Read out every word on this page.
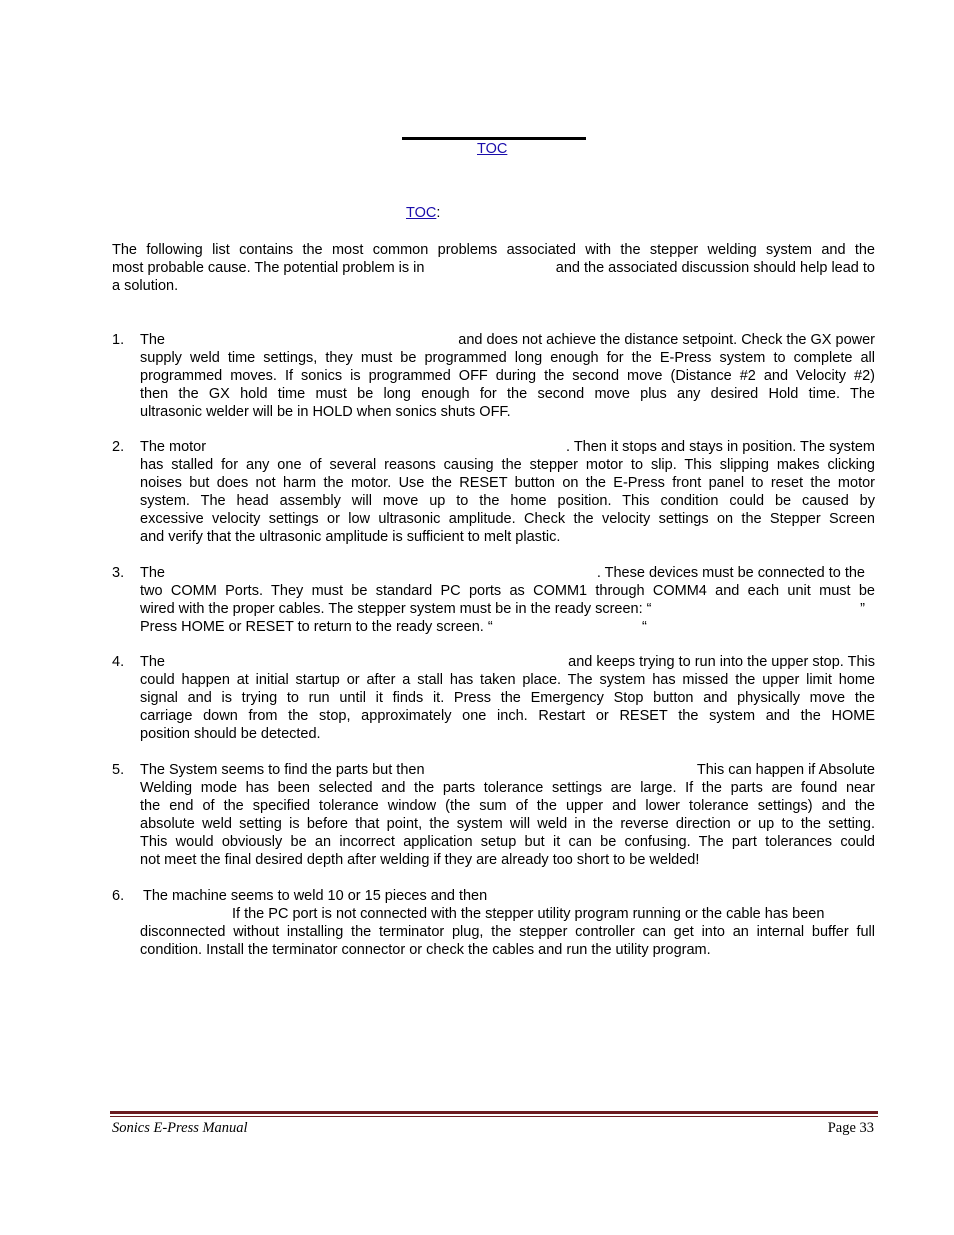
TOC
TOC:
The following list contains the most common problems associated with the stepper welding system and the
most probable cause. The potential problem is in	and the associated discussion should help lead to
a solution.
1. The	and does not achieve the distance setpoint. Check the GX power
supply weld time settings, they must be programmed long enough for the E-Press system to complete all
programmed moves. If sonics is programmed OFF during the second move (Distance #2 and Velocity #2)
then the GX hold time must be long enough for the second move plus any desired Hold time. The
ultrasonic welder will be in HOLD when sonics shuts OFF.
2. The motor	. Then it stops and stays in position. The system
has stalled for any one of several reasons causing the stepper motor to slip. This slipping makes clicking
noises but does not harm the motor. Use the RESET button on the E-Press front panel to reset the motor
system. The head assembly will move up to the home position. This condition could be caused by
excessive velocity settings or low ultrasonic amplitude. Check the velocity settings on the Stepper Screen
and verify that the ultrasonic amplitude is sufficient to melt plastic.
3. The	. These devices must be connected to the
two COMM Ports. They must be standard PC ports as COMM1 through COMM4 and each unit must be
wired with the proper cables. The stepper system must be in the ready screen: “	”
Press HOME or RESET to return to the ready screen. “	“
4. The	and keeps trying to run into the upper stop. This
could happen at initial startup or after a stall has taken place. The system has missed the upper limit home
signal and is trying to run until it finds it. Press the Emergency Stop button and physically move the
carriage down from the stop, approximately one inch. Restart or RESET the system and the HOME
position should be detected.
5. The System seems to find the parts but then	This can happen if Absolute
Welding mode has been selected and the parts tolerance settings are large. If the parts are found near
the end of the specified tolerance window (the sum of the upper and lower tolerance settings) and the
absolute weld setting is before that point, the system will weld in the reverse direction or up to the setting.
This would obviously be an incorrect application setup but it can be confusing. The part tolerances could
not meet the final desired depth after welding if they are already too short to be welded!
6. The machine seems to weld 10 or 15 pieces and then
If the PC port is not connected with the stepper utility program running or the cable has been
disconnected without installing the terminator plug, the stepper controller can get into an internal buffer full
condition. Install the terminator connector or check the cables and run the utility program.
Sonics E-Press Manual	Page 33
